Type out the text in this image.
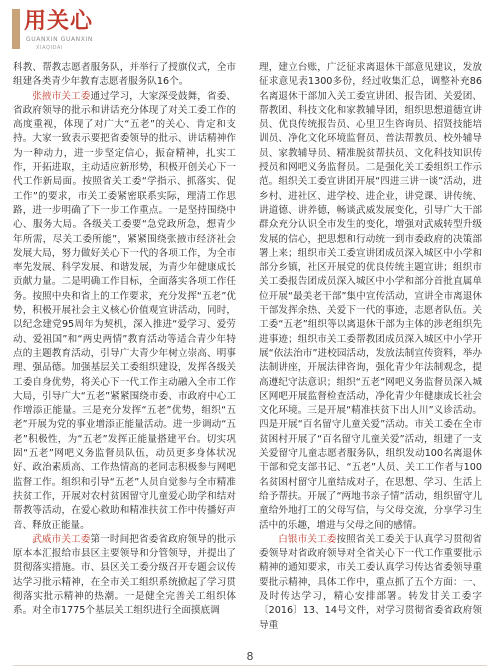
用关心
GUANXIN GUANXIN
XIAQIDAI

科教、帮教志愿者服务队，并举行了授旗仪式，全市组建各类青少年教育志愿者服务队16个。

张掖市关工委通过学习，大家深受鼓舞，省委、省政府领导的批示和讲话充分体现了对关工委工作的高度重视，体现了对广大“五老”的关心、肯定和支持。大家一致表示要把省委领导的批示、讲话精神作为一种动力，进一步坚定信心，振奋精神，扎实工作，开拓进取，主动适应新形势，积极开创关心下一代工作新局面。按照省关工委“学指示、抓落实、促工作”的要求，市关工委紧密联系实际，理清工作思路，进一步明确了下一步工作重点。一是坚持围绕中心、服务大局。各级关工委要“急党政所急，想青少年所需，尽关工委所能”，紧紧围绕张掖市经济社会发展大局，努力做好关心下一代的各项工作，为全市率先发展、科学发展、和谐发展，为青少年健康成长贡献力量。二是明确工作目标，全面落实各项工作任务。按照中央和省上的工作要求，充分发挥“五老”优势，积极开展社会主义核心价值观宣讲活动，同时，以纪念建党95周年为契机，深入推进“爱学习、爱劳动、爱祖国”和“两史两情”教育活动等适合青少年特点的主题教育活动，引导广大青少年树立崇高、明事理、强品德。加强基层关工委组织建设，发挥各级关工委自身优势，将关心下一代工作主动融入全市工作大局，引导广大“五老”紧紧围绕市委、市政府中心工作增添正能量。三是充分发挥“五老”优势，组织“五老”开展为党的事业增添正能量活动。进一步调动“五老”积极性，为“五老”发挥正能量搭建平台。切实巩固“五老”网吧义务监督员队伍，动员更多身体状况好、政治素质高、工作热情高的老同志积极参与网吧监督工作。组织和引导“五老”人员自觉参与全市精准扶贫工作，开展对农村贫困留守儿童爱心助学和结对帮教等活动，在爱心救助和精准扶贫工作中传播好声音、释放正能量。

武威市关工委第一时间把省委省政府领导的批示原本本汇报给市县区主要领导和分管领导，并提出了贯彻落实措施。市、县区关工委分级召开专题会议传达学习批示精神，在全市关工组织系统掀起了学习贯彻落实批示精神的热潮。一是健全完善关工组织体系。对全市1775个基层关工组织进行全面摸底调

理，建立台账，广泛征求离退休干部意见建议，发放征求意见表1300多份，经过收集汇总，调整补充86名离退休干部加入关工委宣讲团、报告团、关爱团、帮教团、科技文化和家教辅导团，组织思想道德宣讲员、优良传统报告员、心里卫生咨询员、招贤技能培训员、净化文化环境监督员、普法帮教员、校外辅导员、家教辅导员、精准脱贫帮扶员、文化科技知识传授员和网吧义务监督员。二是强化关工委组织工作示范。组织关工委宣讲团开展“四进三讲一谈”活动，进乡村、进社区、进学校、进企业，讲党课、讲传统、讲道德、讲养德，畅谈武威发展变化，引导广大干部群众充分认识全市发生的变化，增强对武威转型升级发展的信心，把思想和行动统一到市委政府的决策部署上来；组织市关工委宣讲团成员深入城区中小学和部分乡镇，社区开展党的优良传统主题宣讲；组织市关工委报告团成员深入城区中小学和部分首批直属单位开展“最美老干部”集中宣传活动，宣讲全市离退休干部发挥余热、关爱下一代的事迹，志愿者队伍。关工委“五老”组织等以离退休干部为主体的涉老组织先进事迹；组织市关工委帮教团成员深入城区中小学开展“依法治市”进校园活动，发放法制宣传资料，举办法制讲座，开展法律咨询，强化青少年法制观念，提高遵纪守法意识；组织“五老”网吧义务监督员深入城区网吧开展监督检查活动，净化青少年健康成长社会文化环境。三是开展“精准扶贫下出人川”义诊活动。四是开展“百名留守儿童关爱”活动。市关工委在全市贫困村开展了“百名留守儿童关爱”活动，组建了一支关爱留守儿童志愿者服务队，组织发动100名离退休干部和党支部书记、“五老”人员、关工工作者与100名贫困村留守儿童结成对子，在思想、学习、生活上给予帮扶。开展了“两地书亲子情”活动，组织留守儿童给外地打工的父母写信，与父母交流，分享学习生活中的乐趣，增进与父母之间的感情。

白银市关工委按照省关工委关于认真学习贯彻省委领导对省政府领导对全省关心下一代工作重要批示精神的通知要求，市关工委认真学习传达省委领导重要批示精神，具体工作中，重点抓了五个方面：一、及时传达学习，精心安排部署。转发甘关工委字〔2016〕13、14号文件，对学习贯彻省委省政府领导重

8
